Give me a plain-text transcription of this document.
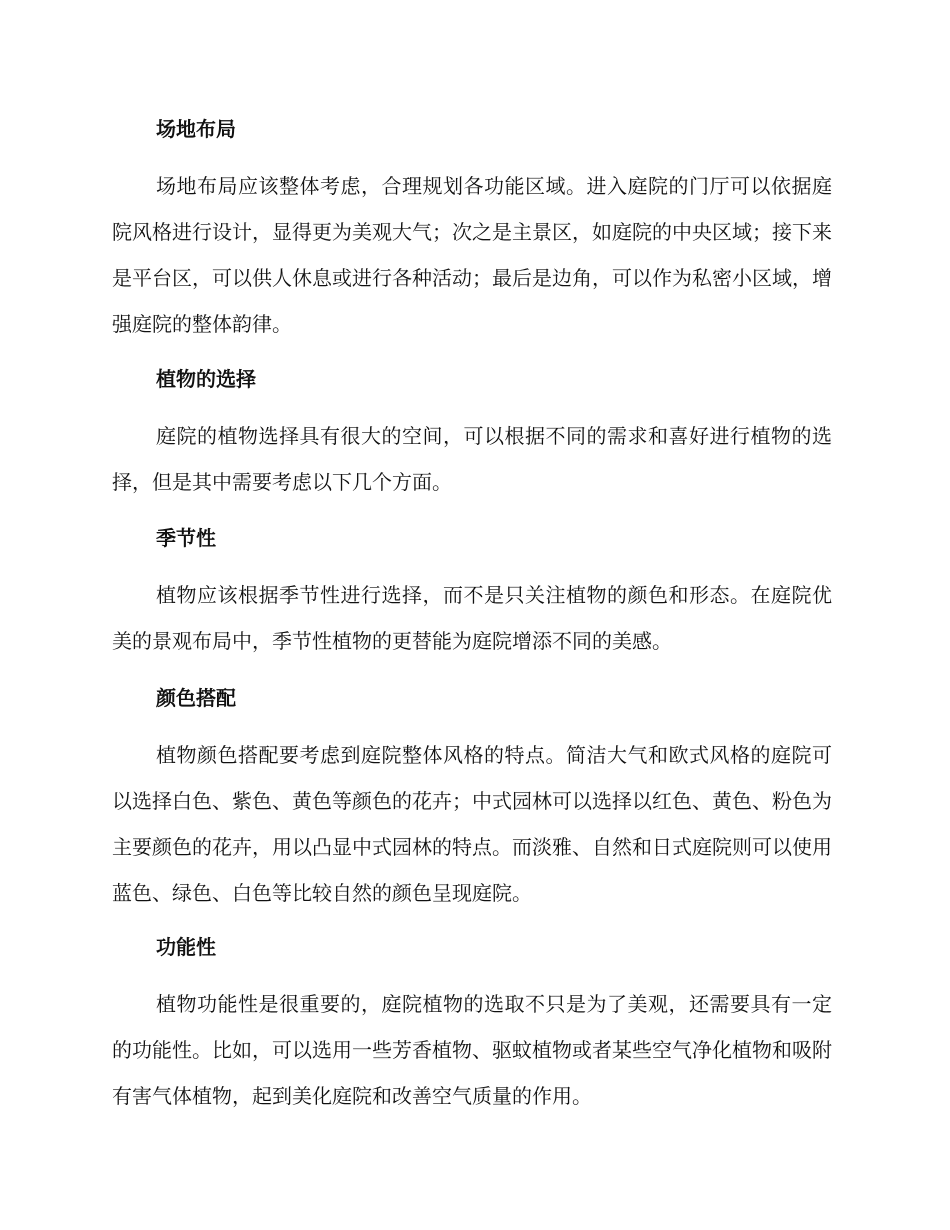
场地布局

场地布局应该整体考虑，合理规划各功能区域。进入庭院的门厅可以依据庭院风格进行设计，显得更为美观大气；次之是主景区，如庭院的中央区域；接下来是平台区，可以供人休息或进行各种活动；最后是边角，可以作为私密小区域，增强庭院的整体韵律。

植物的选择

庭院的植物选择具有很大的空间，可以根据不同的需求和喜好进行植物的选择，但是其中需要考虑以下几个方面。

季节性

植物应该根据季节性进行选择，而不是只关注植物的颜色和形态。在庭院优美的景观布局中，季节性植物的更替能为庭院增添不同的美感。

颜色搭配

植物颜色搭配要考虑到庭院整体风格的特点。简洁大气和欧式风格的庭院可以选择白色、紫色、黄色等颜色的花卉；中式园林可以选择以红色、黄色、粉色为主要颜色的花卉，用以凸显中式园林的特点。而淡雅、自然和日式庭院则可以使用蓝色、绿色、白色等比较自然的颜色呈现庭院。

功能性

植物功能性是很重要的，庭院植物的选取不只是为了美观，还需要具有一定的功能性。比如，可以选用一些芳香植物、驱蚊植物或者某些空气净化植物和吸附有害气体植物，起到美化庭院和改善空气质量的作用。
